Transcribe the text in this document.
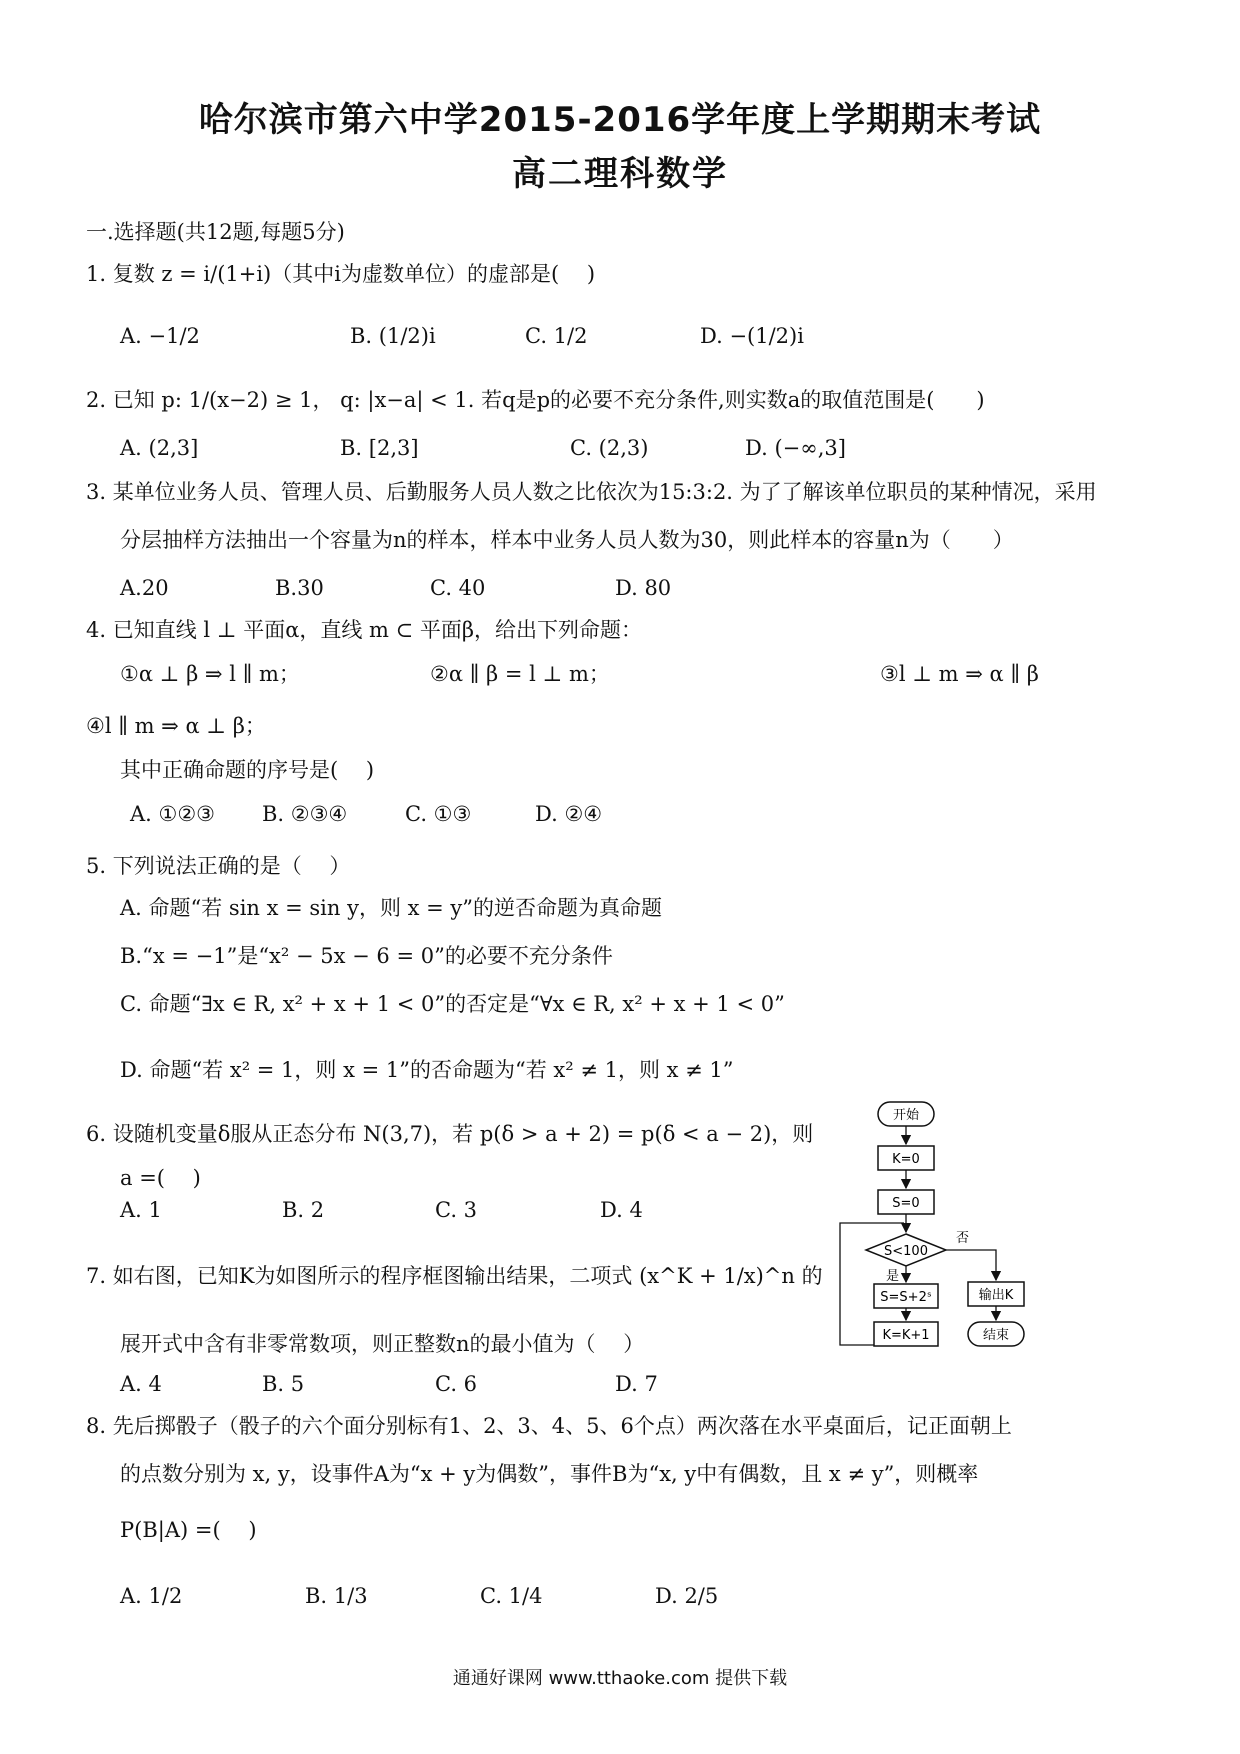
哈尔滨市第六中学2015-2016学年度上学期期末考试
高二理科数学
一.选择题(共12题,每题5分)
1. 复数 z = i/(1+i)（其中i为虚数单位）的虚部是(　 )
A. −1/2	B. (1/2)i	C. 1/2	D. −(1/2)i
2. 已知 p: 1/(x−2) ≥ 1， q: |x−a| < 1. 若q是p的必要不充分条件,则实数a的取值范围是(　　)
A. (2,3]	B. [2,3]	C. (2,3)	D. (−∞,3]
3. 某单位业务人员、管理人员、后勤服务人员人数之比依次为15:3:2. 为了了解该单位职员的某种情况，采用
分层抽样方法抽出一个容量为n的样本，样本中业务人员人数为30，则此样本的容量n为（　　）
A.20	B.30	C. 40	D. 80
4. 已知直线 l ⊥ 平面α，直线 m ⊂ 平面β，给出下列命题：
①α ⊥ β ⇒ l ∥ m；	②α ∥ β = l ⊥ m；	③l ⊥ m ⇒ α ∥ β
④l ∥ m ⇒ α ⊥ β；
其中正确命题的序号是(　 )
A. ①②③ B. ②③④	C. ①③	D. ②④
5. 下列说法正确的是（　 ）
A. 命题“若 sin x = sin y，则 x = y”的逆否命题为真命题
B.“x = −1”是“x² − 5x − 6 = 0”的必要不充分条件
C. 命题“∃x ∈ R, x² + x + 1 < 0”的否定是“∀x ∈ R, x² + x + 1 < 0”
D. 命题“若 x² = 1，则 x = 1”的否命题为“若 x² ≠ 1，则 x ≠ 1”
6. 设随机变量δ服从正态分布 N(3,7)，若 p(δ > a + 2) = p(δ < a − 2)，则
a =(　 )
A. 1	B. 2	C. 3	D. 4
7. 如右图，已知K为如图所示的程序框图输出结果，二项式 (x^K + 1/x)^n 的
展开式中含有非零常数项，则正整数n的最小值为（　 ）
A. 4	B. 5	C. 6	D. 7
开始
K=0
S=0
S<100
是
S=S+2ˢ
K=K+1
否
输出K
结束
8. 先后掷骰子（骰子的六个面分别标有1、2、3、4、5、6个点）两次落在水平桌面后，记正面朝上
的点数分别为 x, y，设事件A为“x + y为偶数”，事件B为“x, y中有偶数，且 x ≠ y”，则概率
P(B|A) =(　 )
A. 1/2	B. 1/3	C. 1/4	D. 2/5
通通好课网 www.tthaoke.com 提供下载
